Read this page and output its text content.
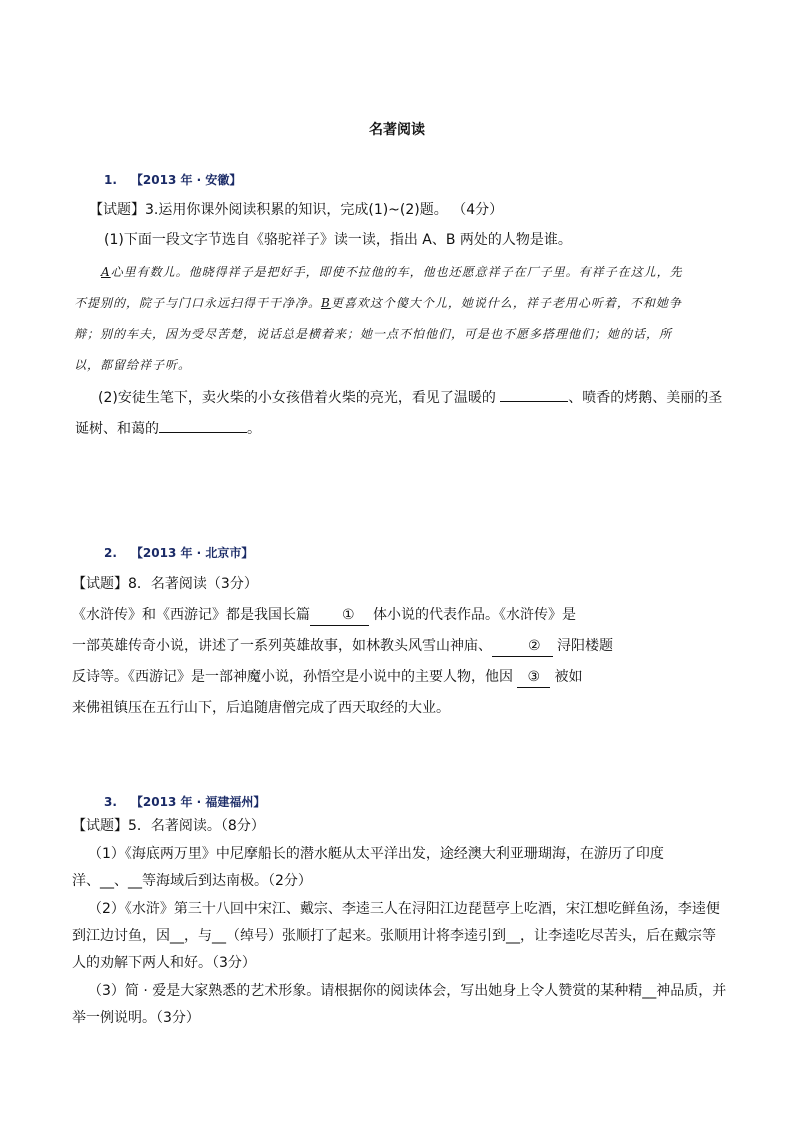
名著阅读
1. 【2013 年 · 安徽】
【试题】3.运用你课外阅读积累的知识，完成(1)~(2)题。 （4分）
(1)下面一段文字节选自《骆驼祥子》读一读，指出 A、B 两处的人物是谁。
A心里有数儿。他晓得祥子是把好手，即使不拉他的车，他也还愿意祥子在厂子里。有祥子在这儿，先
不提别的，院子与门口永远扫得干干净净。B更喜欢这个傻大个儿，她说什么，祥子老用心听着，不和她争
辩；别的车夫，因为受尽苦楚，说话总是横着来；她一点不怕他们，可是也不愿多搭理他们；她的话，所
以，都留给祥子听。
(2)安徒生笔下，卖火柴的小女孩借着火柴的亮光，看见了温暖的	、喷香的烤鹅、美丽的圣
诞树、和蔼的	。
2. 【2013 年 · 北京市】
【试题】8．名著阅读（3分）
《水浒传》和《西游记》都是我国长篇 ① 体小说的代表作品。《水浒传》是
一部英雄传奇小说，讲述了一系列英雄故事，如林教头风雪山神庙、	② 浔阳楼题
反诗等。《西游记》是一部神魔小说，孙悟空是小说中的主要人物，他因 ③ 被如
来佛祖镇压在五行山下，后追随唐僧完成了西天取经的大业。
3. 【2013 年 · 福建福州】
【试题】5．名著阅读。（8分）
（1）《海底两万里》中尼摩船长的潜水艇从太平洋出发，途经澳大利亚珊瑚海，在游历了印度
洋、__、__等海域后到达南极。（2分）
（2）《水浒》第三十八回中宋江、戴宗、李逵三人在浔阳江边琵琶亭上吃酒，宋江想吃鲜鱼汤，李逵便
到江边讨鱼，因__，与__（绰号）张顺打了起来。张顺用计将李逵引到__，让李逵吃尽苦头，后在戴宗等
人的劝解下两人和好。（3分）
（3）简 · 爱是大家熟悉的艺术形象。请根据你的阅读体会，写出她身上令人赞赏的某种精__神品质，并
举一例说明。（3分）
